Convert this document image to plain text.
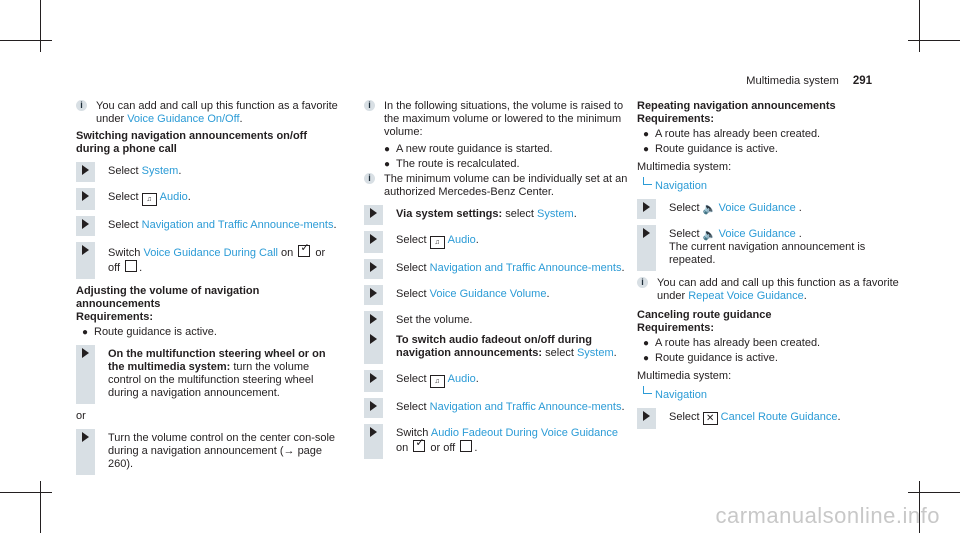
Multimedia system 291
i	You can add and call up this function as a favorite under Voice Guidance On/Off.
Switching navigation announcements on/off during a phone call
Select System.
Select ♫ Audio.
Select Navigation and Traffic Announce-ments.
Switch Voice Guidance During Call on ✓ or off .
Adjusting the volume of navigation announcements
Requirements:
● Route guidance is active.
On the multifunction steering wheel or on the multimedia system: turn the volume control on the multifunction steering wheel during a navigation announcement.
or
Turn the volume control on the center con-sole during a navigation announcement (→ page 260).
i	In the following situations, the volume is raised to the maximum volume or lowered to the minimum volume:
● A new route guidance is started.
● The route is recalculated.
i	The minimum volume can be individually set at an authorized Mercedes-Benz Center.
Via system settings: select System.
Select ♫ Audio.
Select Navigation and Traffic Announce-ments.
Select Voice Guidance Volume.
Set the volume.
To switch audio fadeout on/off during navigation announcements: select System.
Select ♫ Audio.
Select Navigation and Traffic Announce-ments.
Switch Audio Fadeout During Voice Guidance
on ✓ or off .
Repeating navigation announcements
Requirements:
● A route has already been created.
● Route guidance is active.
Multimedia system:
Navigation
Select 🔈 Voice Guidance .
Select 🔈 Voice Guidance .
The current navigation announcement is repeated.
i	You can add and call up this function as a favorite under Repeat Voice Guidance.
Canceling route guidance
Requirements:
● A route has already been created.
● Route guidance is active.
Multimedia system:
Navigation
Select ✕ Cancel Route Guidance.
carmanualsonline.info
